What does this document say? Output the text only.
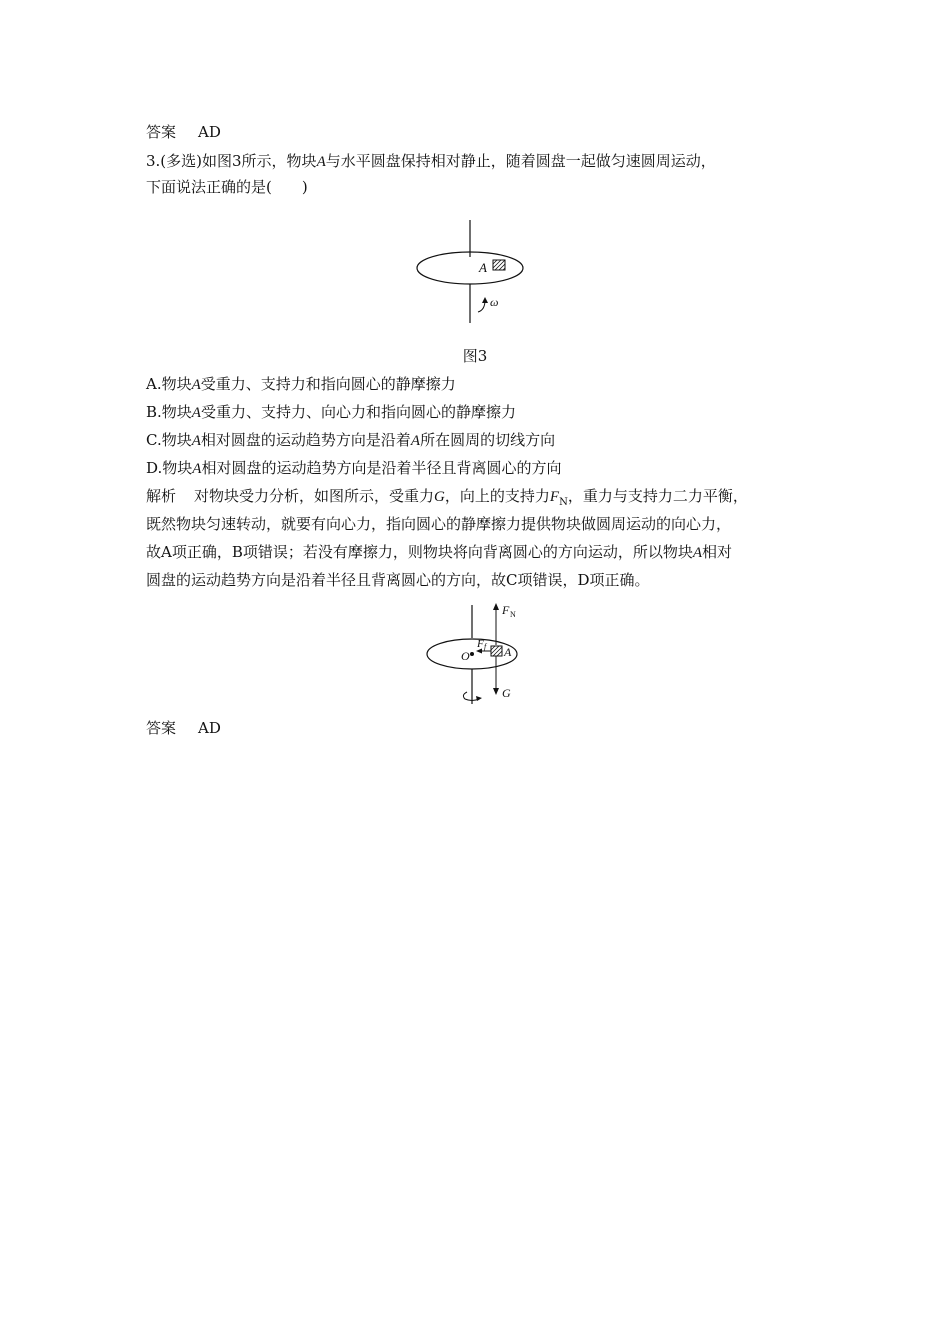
答案 AD
3.(多选)如图3所示，物块A与水平圆盘保持相对静止，随着圆盘一起做匀速圆周运动，
下面说法正确的是(　　)
A
ω
图3
A.物块A受重力、支持力和指向圆心的静摩擦力
B.物块A受重力、支持力、向心力和指向圆心的静摩擦力
C.物块A相对圆盘的运动趋势方向是沿着A所在圆周的切线方向
D.物块A相对圆盘的运动趋势方向是沿着半径且背离圆心的方向
解析 对物块受力分析，如图所示，受重力G，向上的支持力$F_N$，重力与支持力二力平衡，
既然物块匀速转动，就要有向心力，指向圆心的静摩擦力提供物块做圆周运动的向心力，
故A项正确，B项错误；若没有摩擦力，则物块将向背离圆心的方向运动，所以物块A相对
圆盘的运动趋势方向是沿着半径且背离圆心的方向，故C项错误，D项正确。
O
F N
A
F f
G
答案 AD
